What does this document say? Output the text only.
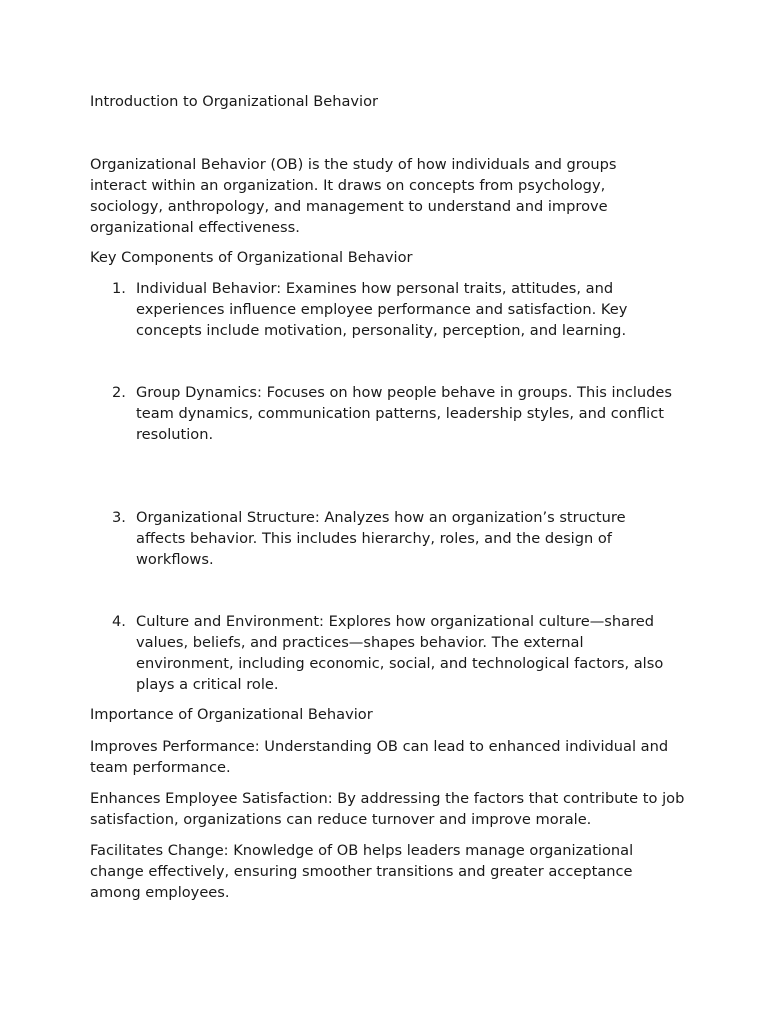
Introduction to Organizational Behavior

Organizational Behavior (OB) is the study of how individuals and groups interact within an organization. It draws on concepts from psychology, sociology, anthropology, and management to understand and improve organizational effectiveness.

Key Components of Organizational Behavior

1. Individual Behavior: Examines how personal traits, attitudes, and experiences influence employee performance and satisfaction. Key concepts include motivation, personality, perception, and learning.
2. Group Dynamics: Focuses on how people behave in groups. This includes team dynamics, communication patterns, leadership styles, and conflict resolution.
3. Organizational Structure: Analyzes how an organization’s structure affects behavior. This includes hierarchy, roles, and the design of workflows.
4. Culture and Environment: Explores how organizational culture—shared values, beliefs, and practices—shapes behavior. The external environment, including economic, social, and technological factors, also plays a critical role.

Importance of Organizational Behavior

Improves Performance: Understanding OB can lead to enhanced individual and team performance.

Enhances Employee Satisfaction: By addressing the factors that contribute to job satisfaction, organizations can reduce turnover and improve morale.

Facilitates Change: Knowledge of OB helps leaders manage organizational change effectively, ensuring smoother transitions and greater acceptance among employees.
